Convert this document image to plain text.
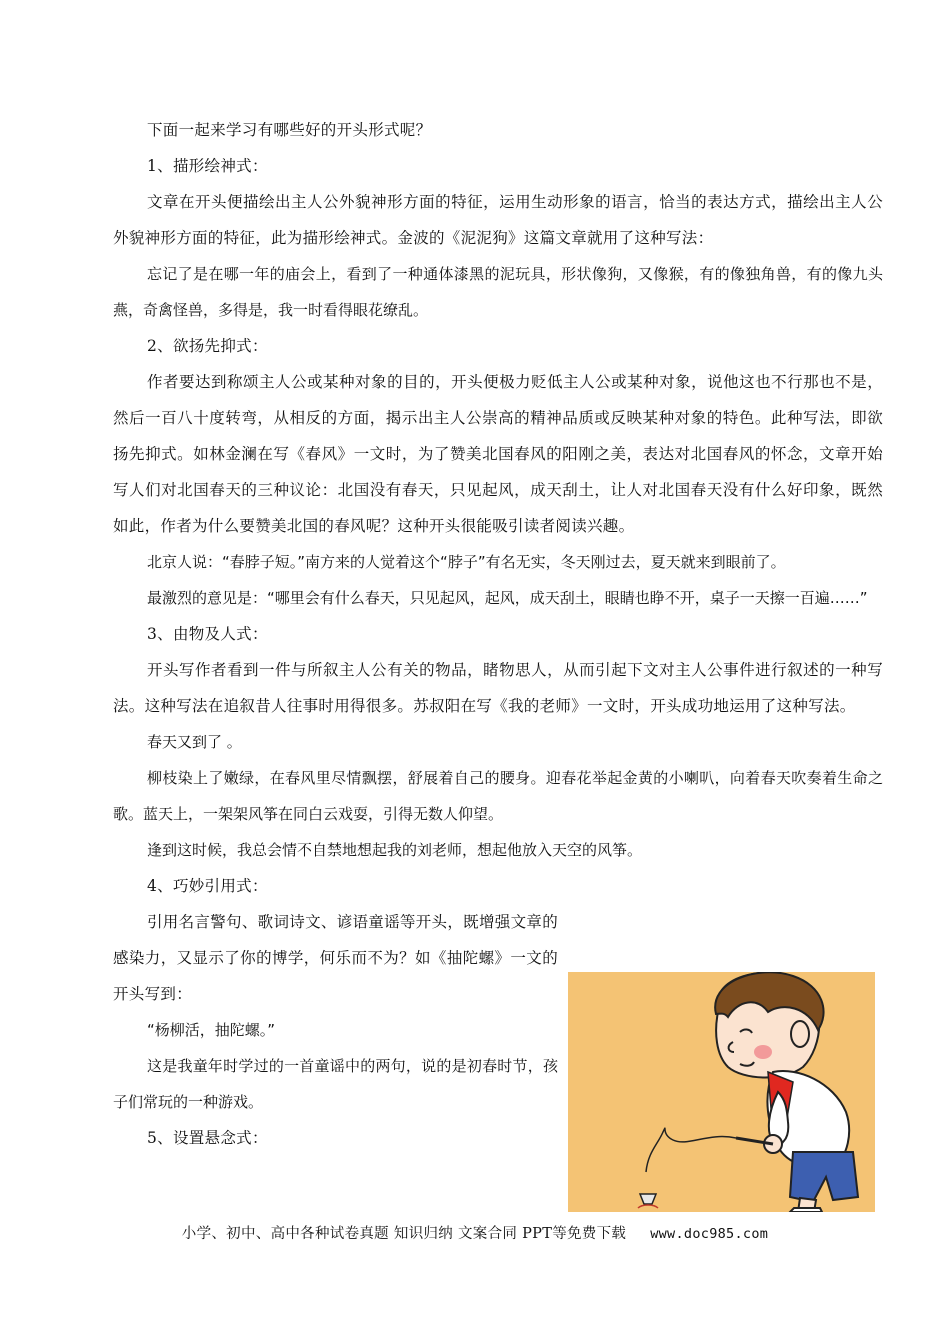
下面一起来学习有哪些好的开头形式呢？

1、描形绘神式：

文章在开头便描绘出主人公外貌神形方面的特征，运用生动形象的语言，恰当的表达方式，描绘出主人公外貌神形方面的特征，此为描形绘神式。金波的《泥泥狗》这篇文章就用了这种写法：

忘记了是在哪一年的庙会上，看到了一种通体漆黑的泥玩具，形状像狗，又像猴，有的像独角兽，有的像九头燕，奇禽怪兽，多得是，我一时看得眼花缭乱。

2、欲扬先抑式：

作者要达到称颂主人公或某种对象的目的，开头便极力贬低主人公或某种对象，说他这也不行那也不是，然后一百八十度转弯，从相反的方面，揭示出主人公崇高的精神品质或反映某种对象的特色。此种写法，即欲扬先抑式。如林金澜在写《春风》一文时，为了赞美北国春风的阳刚之美，表达对北国春风的怀念，文章开始写人们对北国春天的三种议论：北国没有春天，只见起风，成天刮土，让人对北国春天没有什么好印象，既然如此，作者为什么要赞美北国的春风呢？这种开头很能吸引读者阅读兴趣。

北京人说：“春脖子短。”南方来的人觉着这个“脖子”有名无实，冬天刚过去，夏天就来到眼前了。

最激烈的意见是：“哪里会有什么春天，只见起风，起风，成天刮土，眼睛也睁不开，桌子一天擦一百遍……”

3、由物及人式：

开头写作者看到一件与所叙主人公有关的物品，睹物思人，从而引起下文对主人公事件进行叙述的一种写法。这种写法在追叙昔人往事时用得很多。苏叔阳在写《我的老师》一文时，开头成功地运用了这种写法。

春天又到了 。

柳枝染上了嫩绿，在春风里尽情飘摆，舒展着自己的腰身。迎春花举起金黄的小喇叭，向着春天吹奏着生命之歌。蓝天上，一架架风筝在同白云戏耍，引得无数人仰望。

逢到这时候，我总会情不自禁地想起我的刘老师，想起他放入天空的风筝。

4、巧妙引用式：

引用名言警句、歌词诗文、谚语童谣等开头，既增强文章的感染力，又显示了你的博学，何乐而不为？如《抽陀螺》一文的开头写到：

“杨柳活，抽陀螺。”

这是我童年时学过的一首童谣中的两句，说的是初春时节，孩子们常玩的一种游戏。

5、设置悬念式：

小学、初中、高中各种试卷真题 知识归纳 文案合同 PPT等免费下载 www.doc985.com
